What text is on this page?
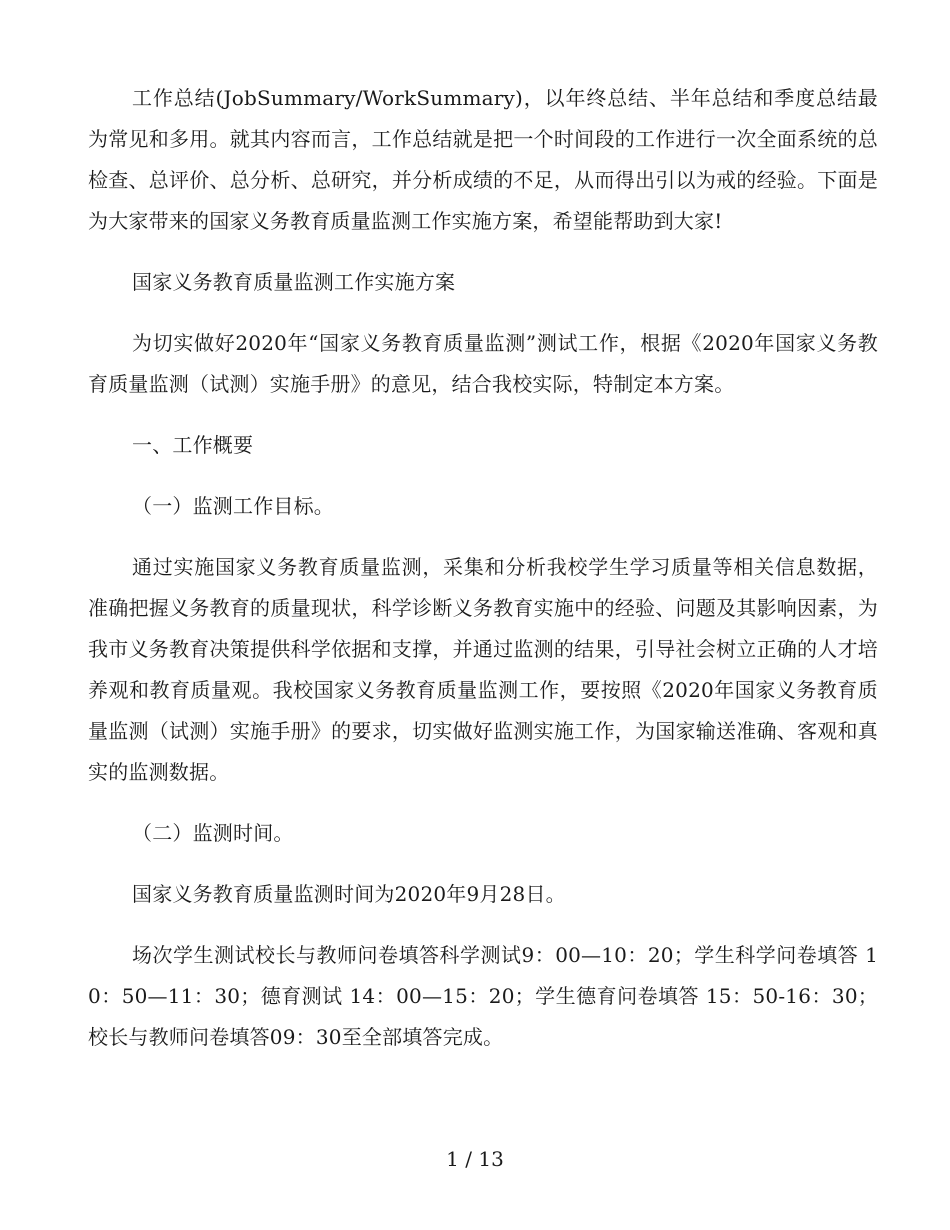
工作总结(JobSummary/WorkSummary)，以年终总结、半年总结和季度总结最为常见和多用。就其内容而言，工作总结就是把一个时间段的工作进行一次全面系统的总检查、总评价、总分析、总研究，并分析成绩的不足，从而得出引以为戒的经验。下面是为大家带来的国家义务教育质量监测工作实施方案，希望能帮助到大家!

国家义务教育质量监测工作实施方案

为切实做好2020年“国家义务教育质量监测”测试工作，根据《2020年国家义务教育质量监测（试测）实施手册》的意见，结合我校实际，特制定本方案。

一、工作概要

（一）监测工作目标。

通过实施国家义务教育质量监测，采集和分析我校学生学习质量等相关信息数据，准确把握义务教育的质量现状，科学诊断义务教育实施中的经验、问题及其影响因素，为我市义务教育决策提供科学依据和支撑，并通过监测的结果，引导社会树立正确的人才培养观和教育质量观。我校国家义务教育质量监测工作，要按照《2020年国家义务教育质量监测（试测）实施手册》的要求，切实做好监测实施工作，为国家输送准确、客观和真实的监测数据。

（二）监测时间。

国家义务教育质量监测时间为2020年9月28日。

场次学生测试校长与教师问卷填答科学测试9：00—10：20；学生科学问卷填答 10：50—11：30；德育测试 14：00—15：20；学生德育问卷填答 15：50-16：30；校长与教师问卷填答09：30至全部填答完成。

1 / 13
